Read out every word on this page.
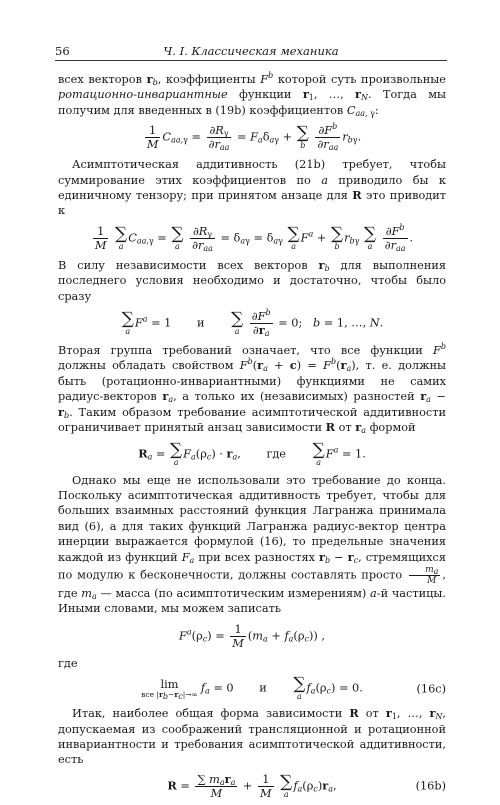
56	Ч. I. Классическая механика

всех векторов $r_b$, коэффициенты $F^b$ которой суть произвольные ротационно-инвариантные функции $r_1$, …, $r_N$. Тогда мы получим для введенных в (19b) коэффициентов $C_{aa, \gamma}$:

$\frac{1}{M} C_{aa,\gamma} = \frac{\partial R_\gamma}{\partial r_{aa}} = F_a\delta_{a\gamma}$ + ∑
b
$\frac{\partial F^b}{\partial r_{aa}} r_{b\gamma}$.

Асимптотическая аддитивность (21b) требует, чтобы суммирование этих коэффициентов по a приводило бы к единичному тензору; при принятом анзаце для R это приводит к

$\frac{1}{M}$
∑
a
$C_{aa,\gamma}$ = ∑
a
$\frac{\partial R_\gamma}{\partial r_{aa}} = \delta_{a\gamma} = \delta_{a\gamma}$ ∑
a
$F^a$ + ∑
b
$r_{b\gamma}$ ∑
a
$\frac{\partial F^b}{\partial r_{aa}}$ .

В силу независимости всех векторов $r_b$ для выполнения последнего условия необходимо и достаточно, чтобы было сразу

∑
a
$F^a = 1$ и ∑
a
$\frac{\partial F^b}{\partial r_a} = 0$;   b = 1, …, N.

Вторая группа требований означает, что все функции $F^b$ должны обладать свойством $F^b(r_a + c) = F^b(r_a)$, т. е. должны быть (ротационно-инвариантными) функциями не самих радиус-векторов $r_a$, а только их (независимых) разностей $r_a - r_b$. Таким образом требование асимптотической аддитивности ограничивает принятый анзац зависимости R от $r_a$ формой

$R_a$ = ∑
a
$F_a(\rho_c) \cdot r_a$, где ∑
a
$F^a = 1$.

Однако мы еще не использовали это требование до конца. Поскольку асимптотическая аддитивность требует, чтобы для больших взаимных расстояний функция Лагранжа принимала вид (6), а для таких функций Лагранжа радиус-вектор центра инерции выражается формулой (16), то предельные значения каждой из функций $F_a$ при всех разностях $r_b - r_c$, стремящихся по модулю к бесконечности, должны составлять просто $\frac{m_a}{M}$ , где $m_a$ — масса (по асимптотическим измерениям) a-й частицы. Иными словами, мы можем записать

$F^a(\rho_c) = \frac{1}{M} (m_a + f_a(\rho_c))$ ,

где

lim
все $|r_b-r_c|\to\infty$ $f_a = 0$ и ∑
a
$f_a(\rho_c) = 0$.	(16c)

Итак, наиболее общая форма зависимости R от $r_1$, …, $r_N$, допускаемая из соображений трансляционной и ротационной инвариантности и требования асимптотической аддитивности, есть

$R = \frac{\sum m_ar_a}{M} + \frac{1}{M}$
∑
a
$f_a(\rho_c)r_a$,	(16b)
